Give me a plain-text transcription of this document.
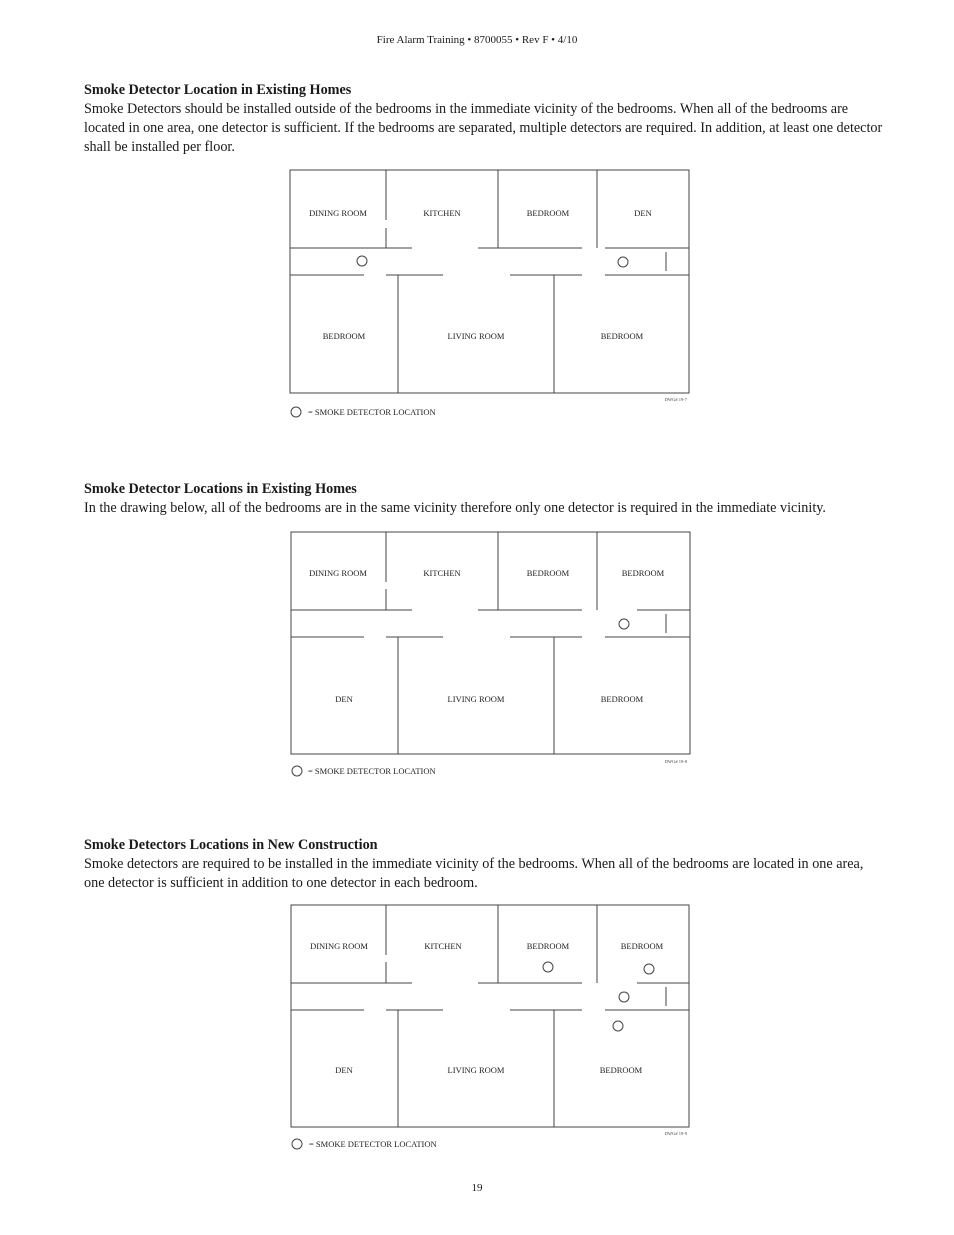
Fire Alarm Training • 8700055 • Rev F • 4/10
Smoke Detector Location in Existing Homes

Smoke Detectors should be installed outside of the bedrooms in the immediate vicinity of the bedrooms. When all of the bedrooms are located in one area, one detector is sufficient. If the bedrooms are separated, multiple detectors are required. In addition, at least one detector shall be installed per floor.

DINING ROOM	KITCHEN	BEDROOM	DEN
BEDROOM	LIVING ROOM	BEDROOM
DWG# 19-7
= SMOKE DETECTOR LOCATION
Smoke Detector Locations in Existing Homes

In the drawing below, all of the bedrooms are in the same vicinity therefore only one detector is required in the immediate vicinity.

DINING ROOM	KITCHEN	BEDROOM	BEDROOM
DEN	LIVING ROOM	BEDROOM
DWG# 19-8
= SMOKE DETECTOR LOCATION
Smoke Detectors Locations in New Construction

Smoke detectors are required to be installed in the immediate vicinity of the bedrooms. When all of the bedrooms are located in one area, one detector is sufficient in addition to one detector in each bedroom.

DINING ROOM	KITCHEN	BEDROOM	BEDROOM
DEN	LIVING ROOM	BEDROOM
DWG# 19-9
= SMOKE DETECTOR LOCATION
19
